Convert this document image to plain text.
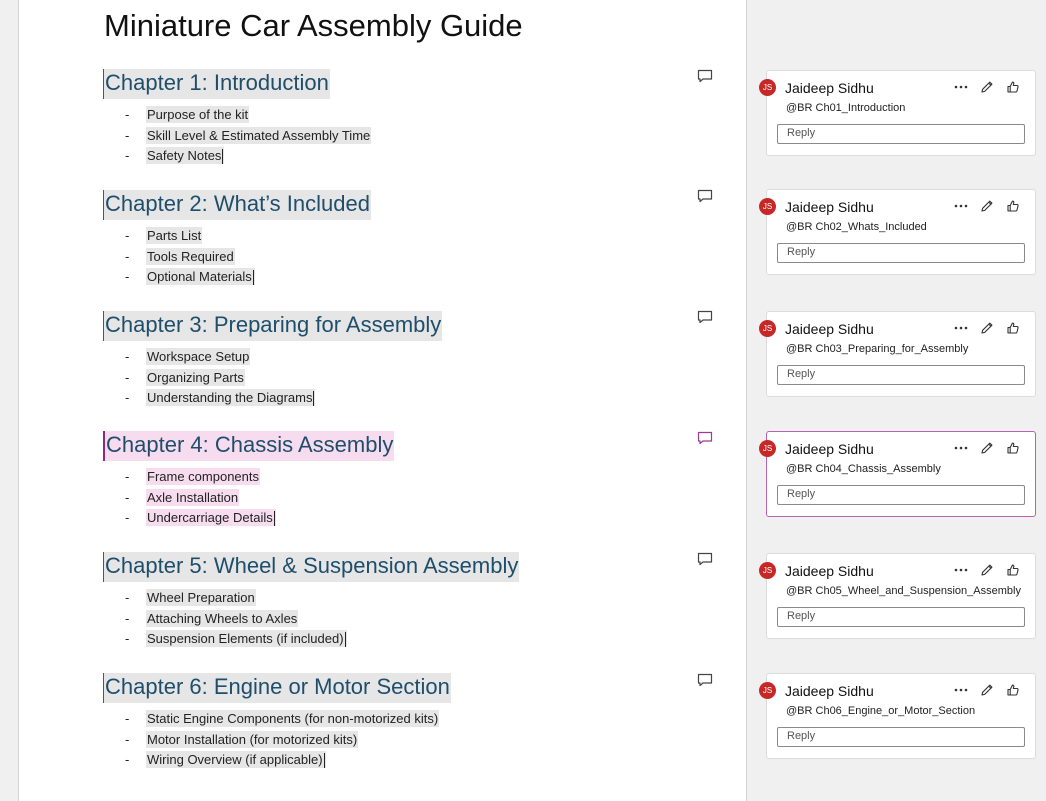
Miniature Car Assembly Guide
Chapter 1: Introduction
- Purpose of the kit
- Skill Level & Estimated Assembly Time
- Safety Notes
Chapter 2: What’s Included
- Parts List
- Tools Required
- Optional Materials
Chapter 3: Preparing for Assembly
- Workspace Setup
- Organizing Parts
- Understanding the Diagrams
Chapter 4: Chassis Assembly
- Frame components
- Axle Installation
- Undercarriage Details
Chapter 5: Wheel & Suspension Assembly
- Wheel Preparation
- Attaching Wheels to Axles
- Suspension Elements (if included)
Chapter 6: Engine or Motor Section
- Static Engine Components (for non-motorized kits)
- Motor Installation (for motorized kits)
- Wiring Overview (if applicable)
JS Jaideep Sidhu
@BR Ch01_Introduction
Reply
JS Jaideep Sidhu
@BR Ch02_Whats_Included
Reply
JS Jaideep Sidhu
@BR Ch03_Preparing_for_Assembly
Reply
JS Jaideep Sidhu
@BR Ch04_Chassis_Assembly
Reply
JS Jaideep Sidhu
@BR Ch05_Wheel_and_Suspension_Assembly
Reply
JS Jaideep Sidhu
@BR Ch06_Engine_or_Motor_Section
Reply
